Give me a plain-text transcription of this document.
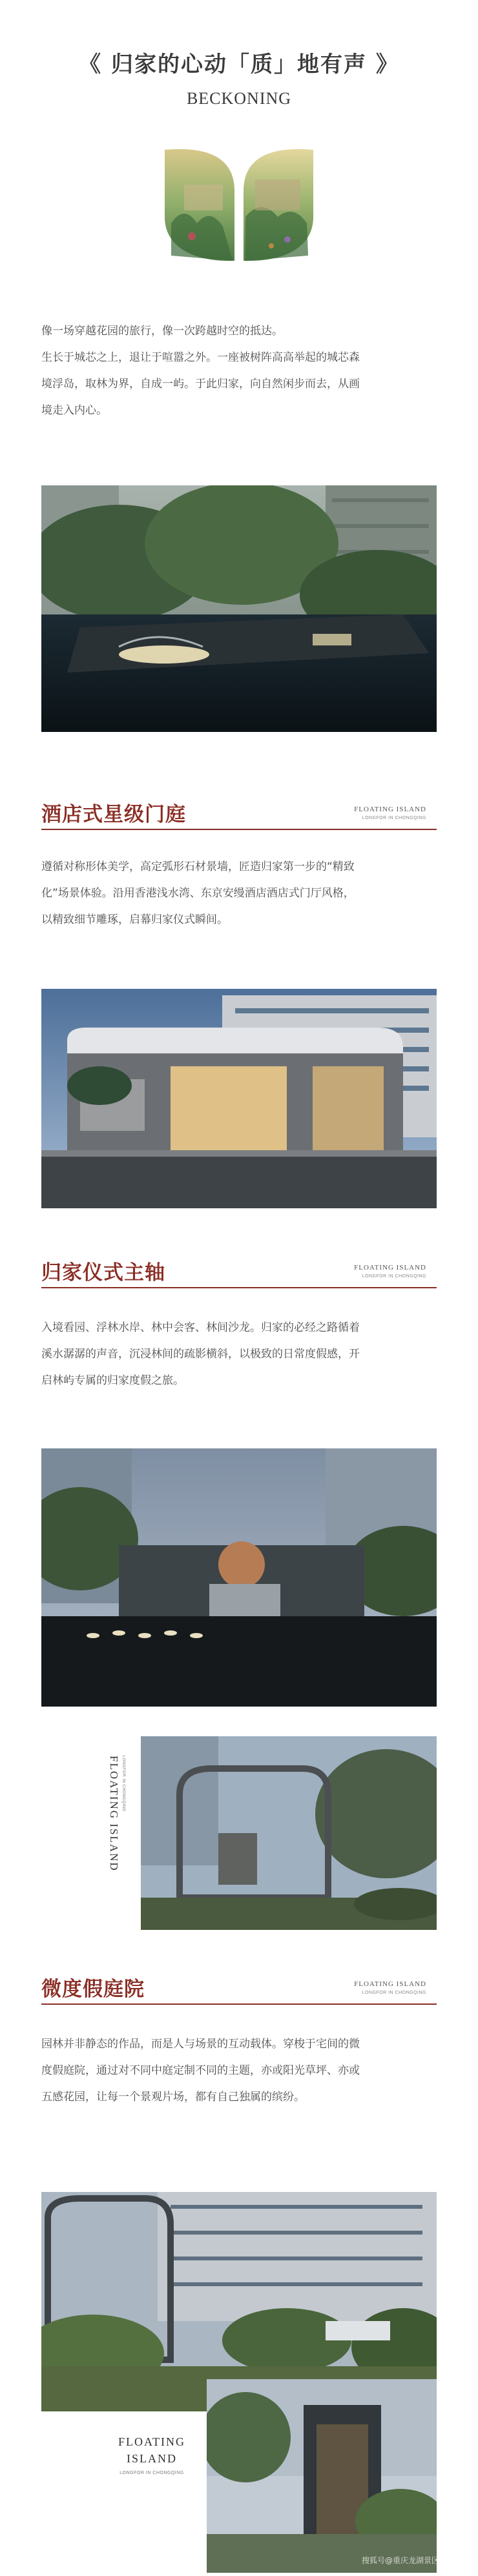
《 归家的心动「质」地有声 》
BECKONING
像一场穿越花园的旅行，像一次跨越时空的抵达。
生长于城芯之上，退让于喧嚣之外。一座被树阵高高举起的城芯森
境浮岛，取林为界，自成一屿。于此归家，向自然闲步而去，从画
境走入内心。
酒店式星级门庭	FLOATING ISLAND
LONGFOR IN CHONGQING
遵循对称形体美学，高定弧形石材景墙，匠造归家第一步的“精致
化”场景体验。沿用香港浅水湾、东京安缦酒店酒店式门厅风格，
以精致细节雕琢，启幕归家仪式瞬间。
归家仪式主轴	FLOATING ISLAND
LONGFOR IN CHONGQING
入境看园、浮林水岸、林中会客、林间沙龙。归家的必经之路循着
溪水潺潺的声音，沉浸林间的疏影横斜，以极致的日常度假感，开
启林屿专属的归家度假之旅。
FLOATING ISLAND LONGFOR IN CHONGQING
微度假庭院	FLOATING ISLAND
LONGFOR IN CHONGQING
园林并非静态的作品，而是人与场景的互动载体。穿梭于宅间的微
度假庭院，通过对不同中庭定制不同的主题，亦或阳光草坪、亦或
五感花园，让每一个景观片场，都有自己独属的缤纷。
FLOATING
ISLAND
LONGFOR IN CHONGQING
搜狐号@重庆龙湖景区
